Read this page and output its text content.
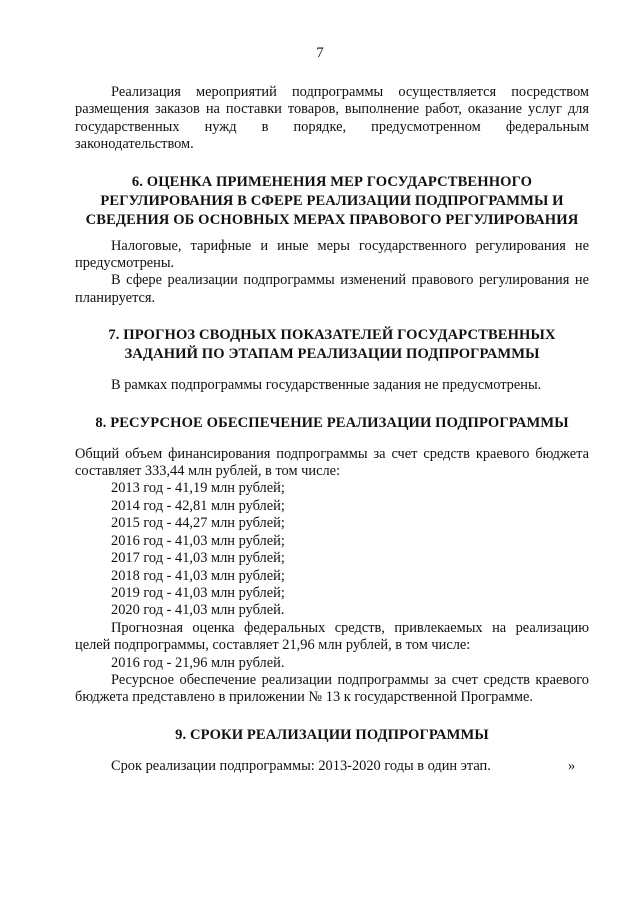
7

Реализация мероприятий подпрограммы осуществляется посредством размещения заказов на поставки товаров, выполнение работ, оказание услуг для государственных нужд в порядке, предусмотренном федеральным законодательством.

6. ОЦЕНКА ПРИМЕНЕНИЯ МЕР ГОСУДАРСТВЕННОГО РЕГУЛИРОВАНИЯ В СФЕРЕ РЕАЛИЗАЦИИ ПОДПРОГРАММЫ И СВЕДЕНИЯ ОБ ОСНОВНЫХ МЕРАХ ПРАВОВОГО РЕГУЛИРОВАНИЯ

Налоговые, тарифные и иные меры государственного регулирования не предусмотрены.

В сфере реализации подпрограммы изменений правового регулирования не планируется.

7. ПРОГНОЗ СВОДНЫХ ПОКАЗАТЕЛЕЙ ГОСУДАРСТВЕННЫХ ЗАДАНИЙ ПО ЭТАПАМ РЕАЛИЗАЦИИ ПОДПРОГРАММЫ

В рамках подпрограммы государственные задания не предусмотрены.

8. РЕСУРСНОЕ ОБЕСПЕЧЕНИЕ РЕАЛИЗАЦИИ ПОДПРОГРАММЫ

Общий объем финансирования подпрограммы за счет средств краевого бюджета составляет 333,44 млн рублей, в том числе:

2013 год - 41,19 млн рублей;
2014 год - 42,81 млн рублей;
2015 год - 44,27 млн рублей;
2016 год - 41,03 млн рублей;
2017 год - 41,03 млн рублей;
2018 год - 41,03 млн рублей;
2019 год - 41,03 млн рублей;
2020 год - 41,03 млн рублей.

Прогнозная оценка федеральных средств, привлекаемых на реализацию целей подпрограммы, составляет 21,96 млн рублей, в том числе:

2016 год - 21,96 млн рублей.

Ресурсное обеспечение реализации подпрограммы за счет средств краевого бюджета представлено в приложении № 13 к государственной Программе.

9. СРОКИ РЕАЛИЗАЦИИ ПОДПРОГРАММЫ
Срок реализации подпрограммы: 2013-2020 годы в один этап.	»
